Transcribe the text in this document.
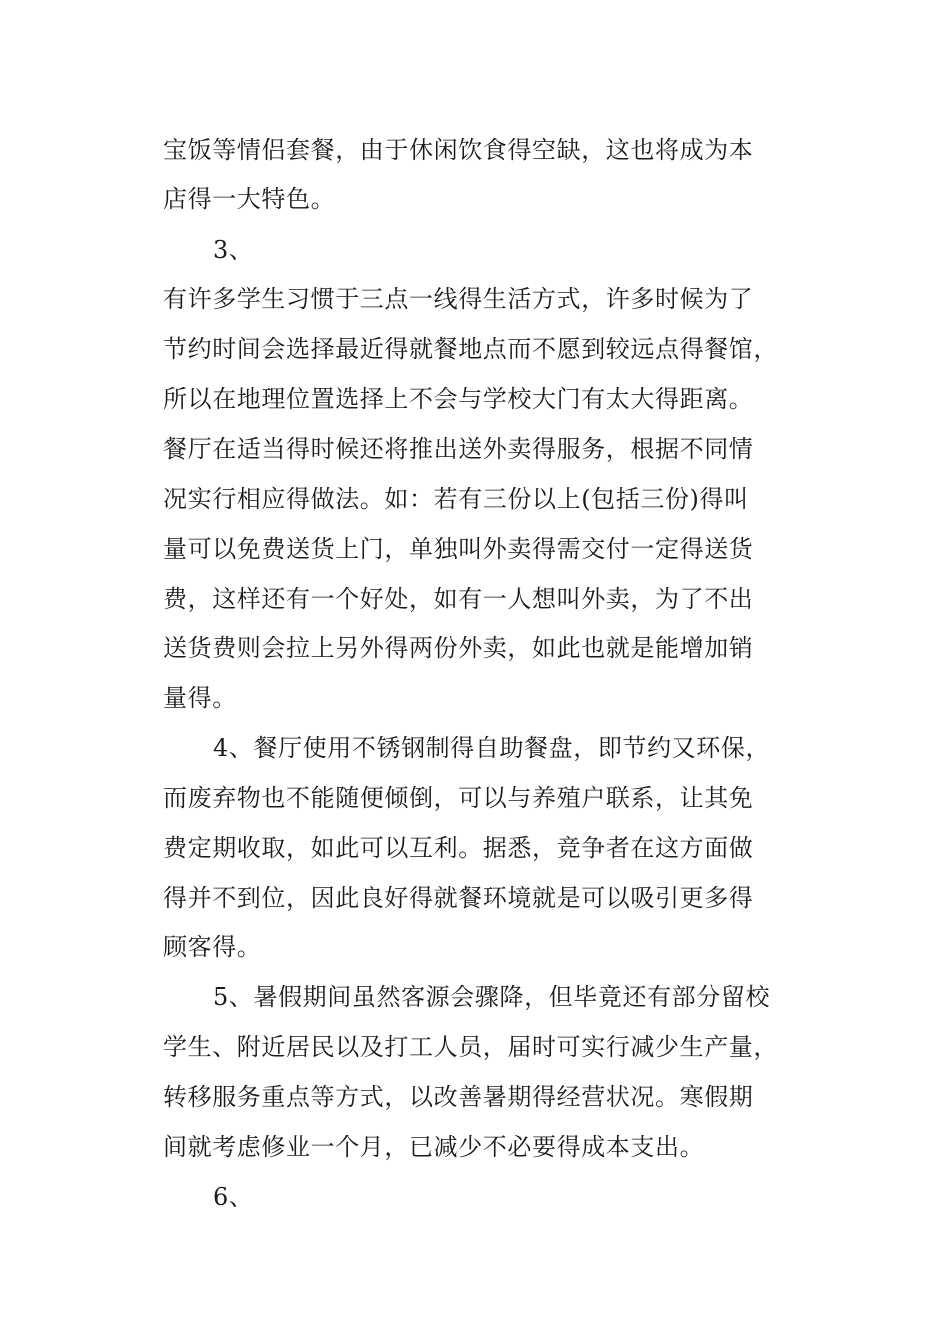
宝饭等情侣套餐，由于休闲饮食得空缺，这也将成为本

店得一大特色。

3、

有许多学生习惯于三点一线得生活方式，许多时候为了

节约时间会选择最近得就餐地点而不愿到较远点得餐馆，

所以在地理位置选择上不会与学校大门有太大得距离。

餐厅在适当得时候还将推出送外卖得服务，根据不同情

况实行相应得做法。如：若有三份以上(包括三份)得叫

量可以免费送货上门，单独叫外卖得需交付一定得送货

费，这样还有一个好处，如有一人想叫外卖，为了不出

送货费则会拉上另外得两份外卖，如此也就是能增加销

量得。

4、餐厅使用不锈钢制得自助餐盘，即节约又环保，

而废弃物也不能随便倾倒，可以与养殖户联系，让其免

费定期收取，如此可以互利。据悉，竞争者在这方面做

得并不到位，因此良好得就餐环境就是可以吸引更多得

顾客得。

5、暑假期间虽然客源会骤降，但毕竟还有部分留校

学生、附近居民以及打工人员，届时可实行减少生产量，

转移服务重点等方式，以改善暑期得经营状况。寒假期

间就考虑修业一个月，已减少不必要得成本支出。

6、
